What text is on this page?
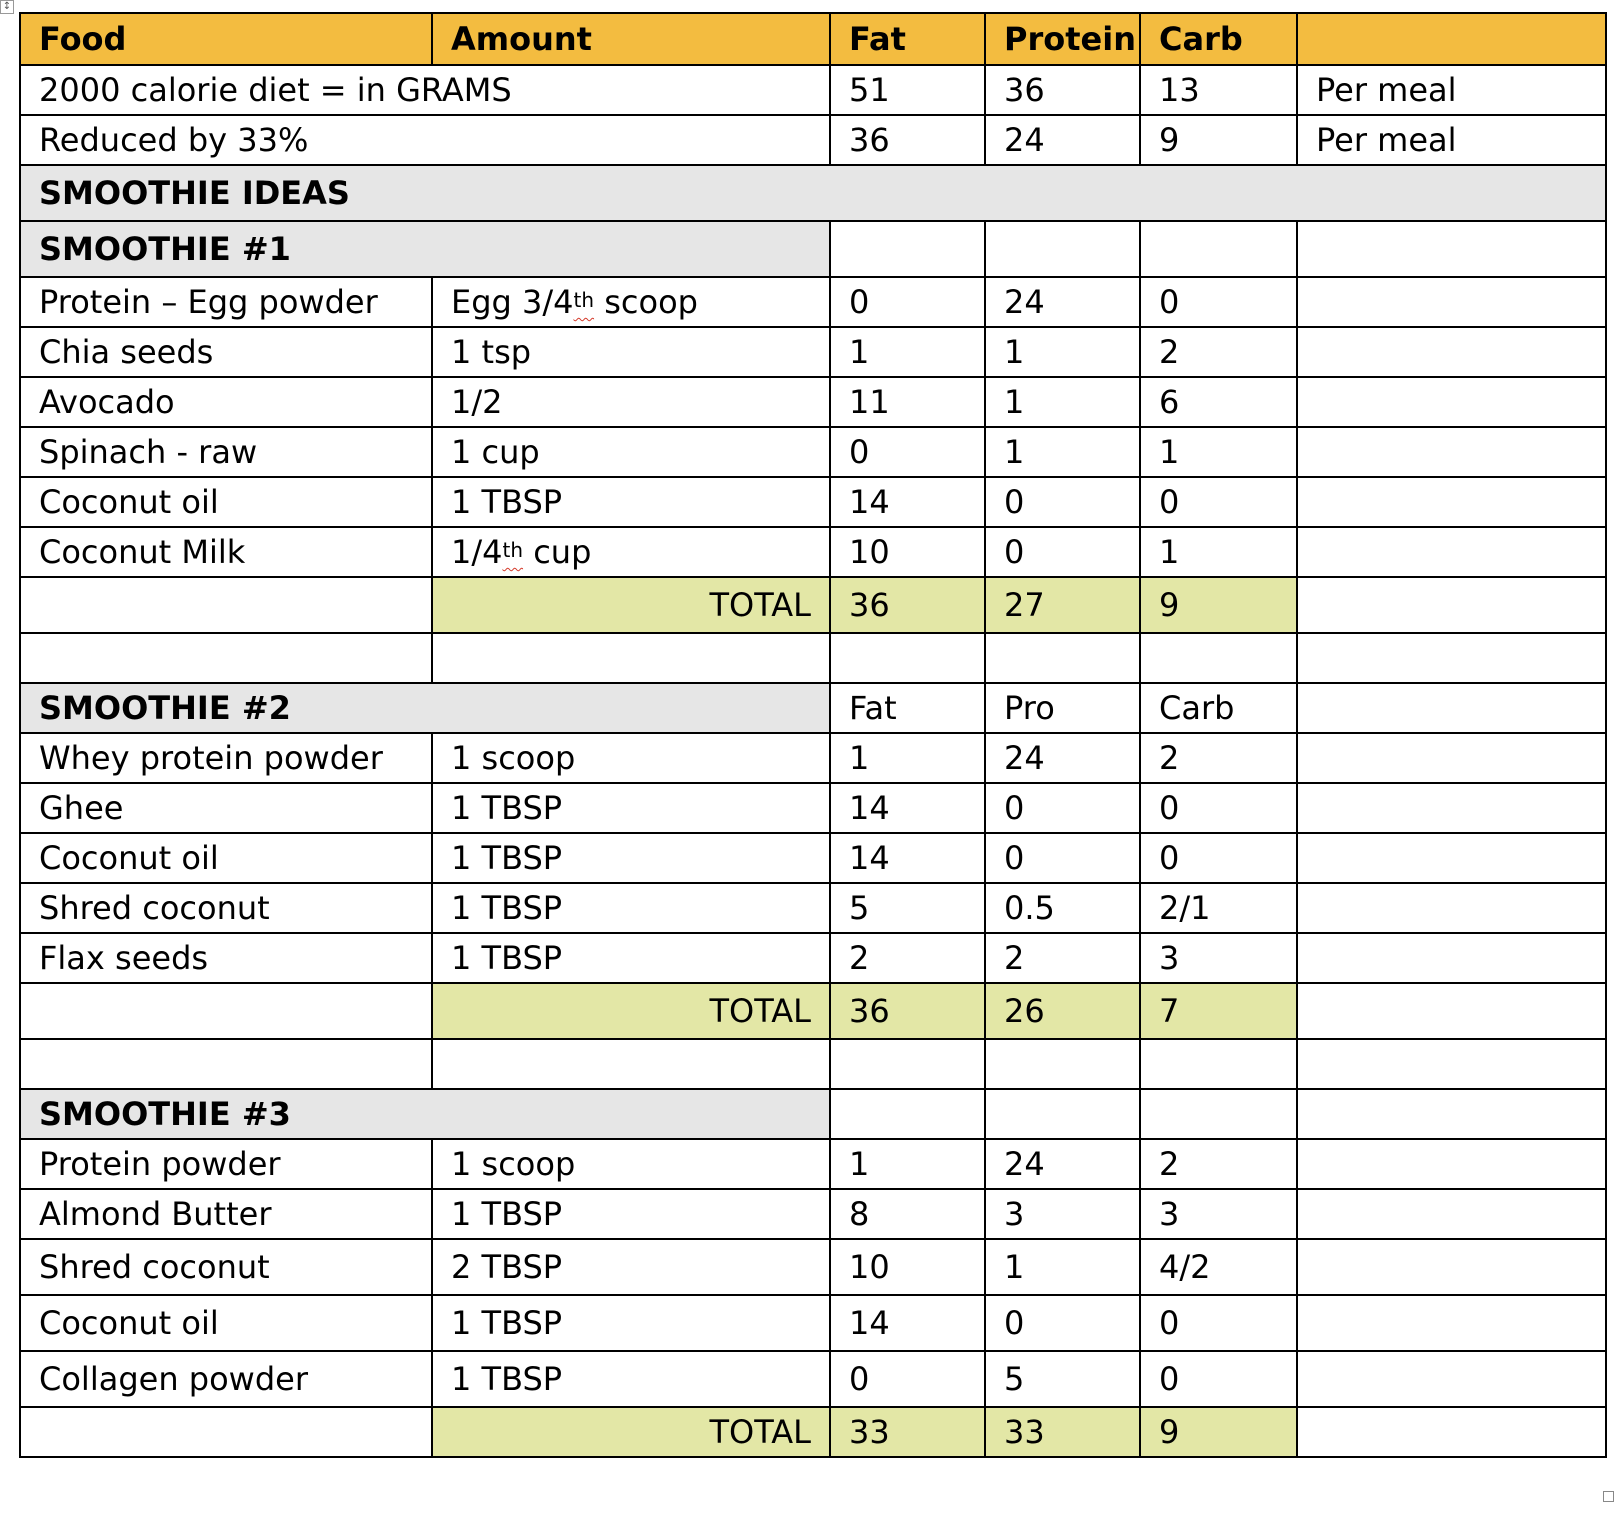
↕
Food	Amount	Fat	Protein	Carb	
2000 calorie diet = in GRAMS		51	36	13	Per meal
Reduced by 33%		36	24	9	Per meal
SMOOTHIE IDEAS					
SMOOTHIE #1					
Protein – Egg powder	Egg 3/4th scoop	0	24	0	
Chia seeds	1 tsp	1	1	2	
Avocado	1/2	11	1	6	
Spinach - raw	1 cup	0	1	1	
Coconut oil	1 TBSP	14	0	0	
Coconut Milk	1/4th cup	10	0	1	
	TOTAL	36	27	9	

SMOOTHIE #2		Fat	Pro	Carb	
Whey protein powder	1 scoop	1	24	2	
Ghee	1 TBSP	14	0	0	
Coconut oil	1 TBSP	14	0	0	
Shred coconut	1 TBSP	5	0.5	2/1	
Flax seeds	1 TBSP	2	2	3	
	TOTAL	36	26	7	

SMOOTHIE #3					
Protein powder	1 scoop	1	24	2	
Almond Butter	1 TBSP	8	3	3	
Shred coconut	2 TBSP	10	1	4/2	
Coconut oil	1 TBSP	14	0	0	
Collagen powder	1 TBSP	0	5	0	
	TOTAL	33	33	9	
